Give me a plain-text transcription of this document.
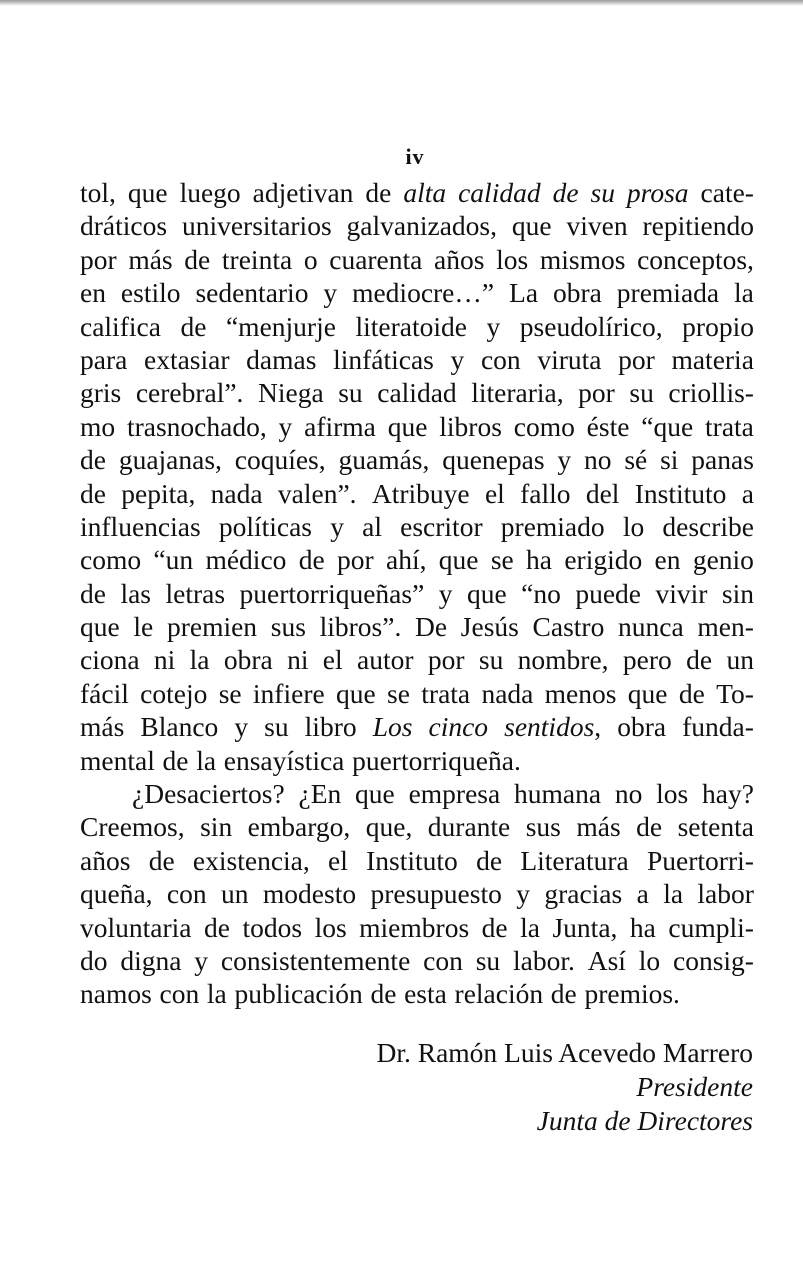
iv
tol, que luego adjetivan de alta calidad de su prosa cate-
dráticos universitarios galvanizados, que viven repitiendo
por más de treinta o cuarenta años los mismos conceptos,
en estilo sedentario y mediocre…” La obra premiada la
califica de “menjurje literatoide y pseudolírico, propio
para extasiar damas linfáticas y con viruta por materia
gris cerebral”. Niega su calidad literaria, por su criollis-
mo trasnochado, y afirma que libros como éste “que trata
de guajanas, coquíes, guamás, quenepas y no sé si panas
de pepita, nada valen”. Atribuye el fallo del Instituto a
influencias políticas y al escritor premiado lo describe
como “un médico de por ahí, que se ha erigido en genio
de las letras puertorriqueñas” y que “no puede vivir sin
que le premien sus libros”. De Jesús Castro nunca men-
ciona ni la obra ni el autor por su nombre, pero de un
fácil cotejo se infiere que se trata nada menos que de To-
más Blanco y su libro Los cinco sentidos, obra funda-
mental de la ensayística puertorriqueña.
¿Desaciertos? ¿En que empresa humana no los hay?
Creemos, sin embargo, que, durante sus más de setenta
años de existencia, el Instituto de Literatura Puertorri-
queña, con un modesto presupuesto y gracias a la labor
voluntaria de todos los miembros de la Junta, ha cumpli-
do digna y consistentemente con su labor. Así lo consig-
namos con la publicación de esta relación de premios.
Dr. Ramón Luis Acevedo Marrero
Presidente
Junta de Directores
